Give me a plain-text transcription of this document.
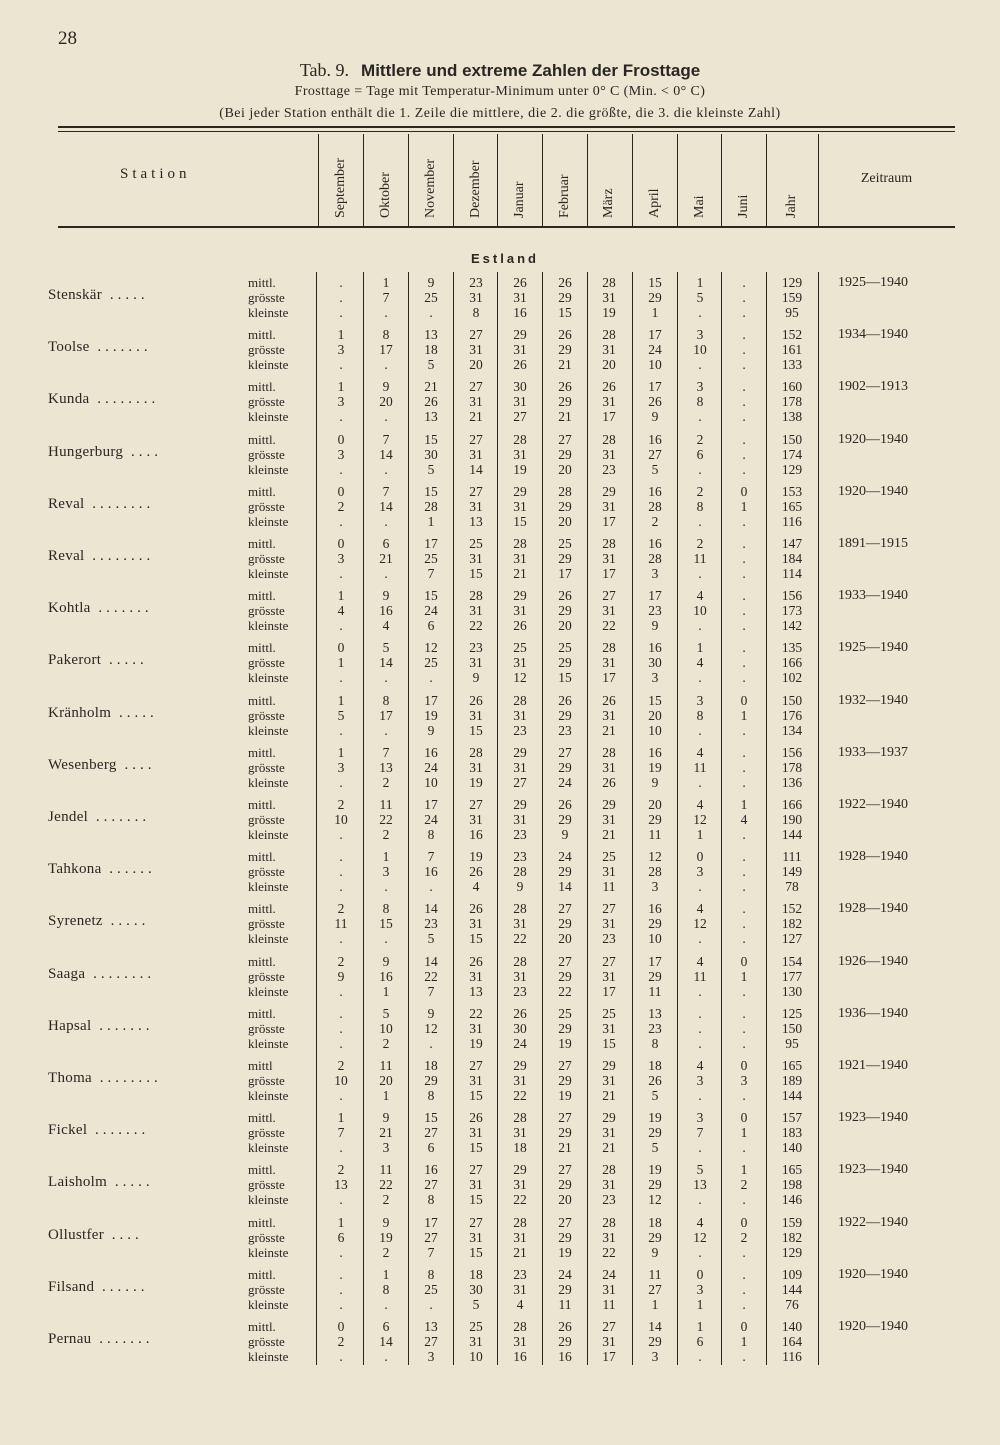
28
Tab. 9. Mittlere und extreme Zahlen der Frosttage
Frosttage = Tage mit Temperatur-Minimum unter 0° C (Min. < 0° C)
(Bei jeder Station enthält die 1. Zeile die mittlere, die 2. die größte, die 3. die kleinste Zahl)
Station	Zeitraum
September Oktober November Dezember Januar Februar März April Mai Juni Jahr
Estland
Stenskär .....
1925—1940
mittl.	.	1	9	23	26	26	28	15	1	.	129
grösste	.	7	25	31	31	29	31	29	5	.	159
kleinste	.	.	.	8	16	15	19	1	.	.	95
Toolse .......
1934—1940
mittl.	1	8	13	27	29	26	28	17	3	.	152
grösste	3	17	18	31	31	29	31	24	10	.	161
kleinste	.	.	5	20	26	21	20	10	.	.	133
Kunda ........
1902—1913
mittl.	1	9	21	27	30	26	26	17	3	.	160
grösste	3	20	26	31	31	29	31	26	8	.	178
kleinste	.	.	13	21	27	21	17	9	.	.	138
Hungerburg ....
1920—1940
mittl.	0	7	15	27	28	27	28	16	2	.	150
grösste	3	14	30	31	31	29	31	27	6	.	174
kleinste	.	.	5	14	19	20	23	5	.	.	129
Reval ........
1920—1940
mittl.	0	7	15	27	29	28	29	16	2	0	153
grösste	2	14	28	31	31	29	31	28	8	1	165
kleinste	.	.	1	13	15	20	17	2	.	.	116
Reval ........
1891—1915
mittl.	0	6	17	25	28	25	28	16	2	.	147
grösste	3	21	25	31	31	29	31	28	11	.	184
kleinste	.	.	7	15	21	17	17	3	.	.	114
Kohtla .......
1933—1940
mittl.	1	9	15	28	29	26	27	17	4	.	156
grösste	4	16	24	31	31	29	31	23	10	.	173
kleinste	.	4	6	22	26	20	22	9	.	.	142
Pakerort .....
1925—1940
mittl.	0	5	12	23	25	25	28	16	1	.	135
grösste	1	14	25	31	31	29	31	30	4	.	166
kleinste	.	.	.	9	12	15	17	3	.	.	102
Kränholm .....
1932—1940
mittl.	1	8	17	26	28	26	26	15	3	0	150
grösste	5	17	19	31	31	29	31	20	8	1	176
kleinste	.	.	9	15	23	23	21	10	.	.	134
Wesenberg ....
1933—1937
mittl.	1	7	16	28	29	27	28	16	4	.	156
grösste	3	13	24	31	31	29	31	19	11	.	178
kleinste	.	2	10	19	27	24	26	9	.	.	136
Jendel .......
1922—1940
mittl.	2	11	17	27	29	26	29	20	4	1	166
grösste	10	22	24	31	31	29	31	29	12	4	190
kleinste	.	2	8	16	23	9	21	11	1	.	144
Tahkona ......
1928—1940
mittl.	.	1	7	19	23	24	25	12	0	.	111
grösste	.	3	16	26	28	29	31	28	3	.	149
kleinste	.	.	.	4	9	14	11	3	.	.	78
Syrenetz .....
1928—1940
mittl.	2	8	14	26	28	27	27	16	4	.	152
grösste	11	15	23	31	31	29	31	29	12	.	182
kleinste	.	.	5	15	22	20	23	10	.	.	127
Saaga ........
1926—1940
mittl.	2	9	14	26	28	27	27	17	4	0	154
grösste	9	16	22	31	31	29	31	29	11	1	177
kleinste	.	1	7	13	23	22	17	11	.	.	130
Hapsal .......
1936—1940
mittl.	.	5	9	22	26	25	25	13	.	.	125
grösste	.	10	12	31	30	29	31	23	.	.	150
kleinste	.	2	.	19	24	19	15	8	.	.	95
Thoma ........
1921—1940
mittl	2	11	18	27	29	27	29	18	4	0	165
grösste	10	20	29	31	31	29	31	26	3	3	189
kleinste	.	1	8	15	22	19	21	5	.	.	144
Fickel .......
1923—1940
mittl.	1	9	15	26	28	27	29	19	3	0	157
grösste	7	21	27	31	31	29	31	29	7	1	183
kleinste	.	3	6	15	18	21	21	5	.	.	140
Laisholm .....
1923—1940
mittl.	2	11	16	27	29	27	28	19	5	1	165
grösste	13	22	27	31	31	29	31	29	13	2	198
kleinste	.	2	8	15	22	20	23	12	.	.	146
Ollustfer ....
1922—1940
mittl.	1	9	17	27	28	27	28	18	4	0	159
grösste	6	19	27	31	31	29	31	29	12	2	182
kleinste	.	2	7	15	21	19	22	9	.	.	129
Filsand ......
1920—1940
mittl.	.	1	8	18	23	24	24	11	0	.	109
grösste	.	8	25	30	31	29	31	27	3	.	144
kleinste	.	.	.	5	4	11	11	1	1	.	76
Pernau .......
1920—1940
mittl.	0	6	13	25	28	26	27	14	1	0	140
grösste	2	14	27	31	31	29	31	29	6	1	164
kleinste	.	.	3	10	16	16	17	3	.	.	116
